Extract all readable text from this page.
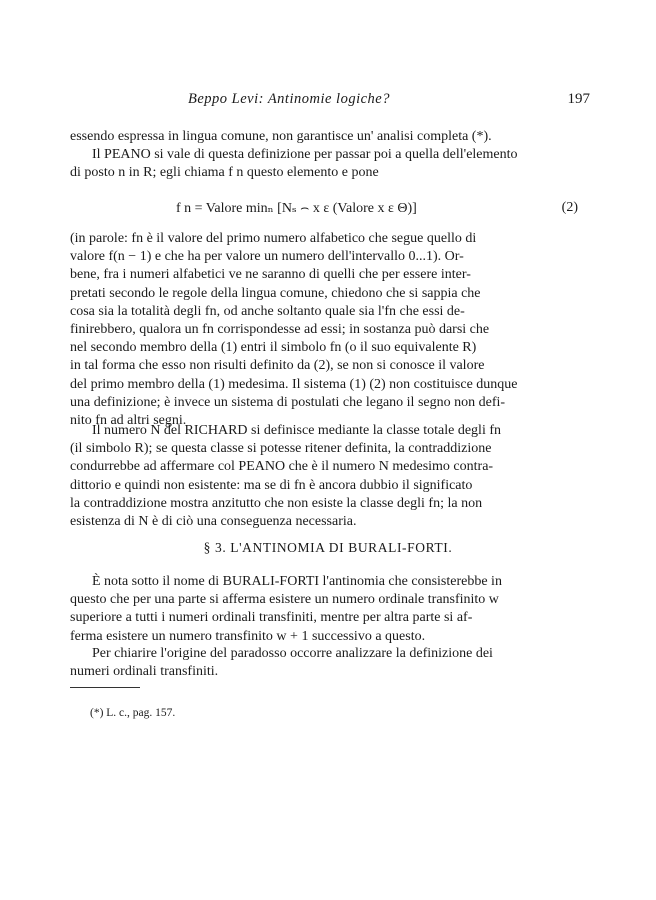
Beppo Levi: Antinomie logiche?	197

essendo espressa in lingua comune, non garantisce un' analisi completa (*).
Il PEANO si vale di questa definizione per passar poi a quella dell'elemento
di posto n in R; egli chiama f n questo elemento e pone

f n = Valore minₙ [Nₛ ⌢ x ε (Valore x ε Θ)]	(2)

(in parole: fn è il valore del primo numero alfabetico che segue quello di
valore f(n − 1) e che ha per valore un numero dell'intervallo 0...1). Or-
bene, fra i numeri alfabetici ve ne saranno di quelli che per essere inter-
pretati secondo le regole della lingua comune, chiedono che si sappia che
cosa sia la totalità degli fn, od anche soltanto quale sia l'fn che essi de-
finirebbero, qualora un fn corrispondesse ad essi; in sostanza può darsi che
nel secondo membro della (1) entri il simbolo fn (o il suo equivalente R)
in tal forma che esso non risulti definito da (2), se non si conosce il valore
del primo membro della (1) medesima. Il sistema (1) (2) non costituisce dunque
una definizione; è invece un sistema di postulati che legano il segno non defi-
nito fn ad altri segni.

Il numero N del RICHARD si definisce mediante la classe totale degli fn
(il simbolo R); se questa classe si potesse ritener definita, la contraddizione
condurrebbe ad affermare col PEANO che è il numero N medesimo contra-
dittorio e quindi non esistente: ma se di fn è ancora dubbio il significato
la contraddizione mostra anzitutto che non esiste la classe degli fn; la non
esistenza di N è di ciò una conseguenza necessaria.

§ 3. L'ANTINOMIA DI BURALI-FORTI.

È nota sotto il nome di BURALI-FORTI l'antinomia che consisterebbe in
questo che per una parte si afferma esistere un numero ordinale transfinito w
superiore a tutti i numeri ordinali transfiniti, mentre per altra parte si af-
ferma esistere un numero transfinito w + 1 successivo a questo.

Per chiarire l'origine del paradosso occorre analizzare la definizione dei
numeri ordinali transfiniti.

(*) L. c., pag. 157.
